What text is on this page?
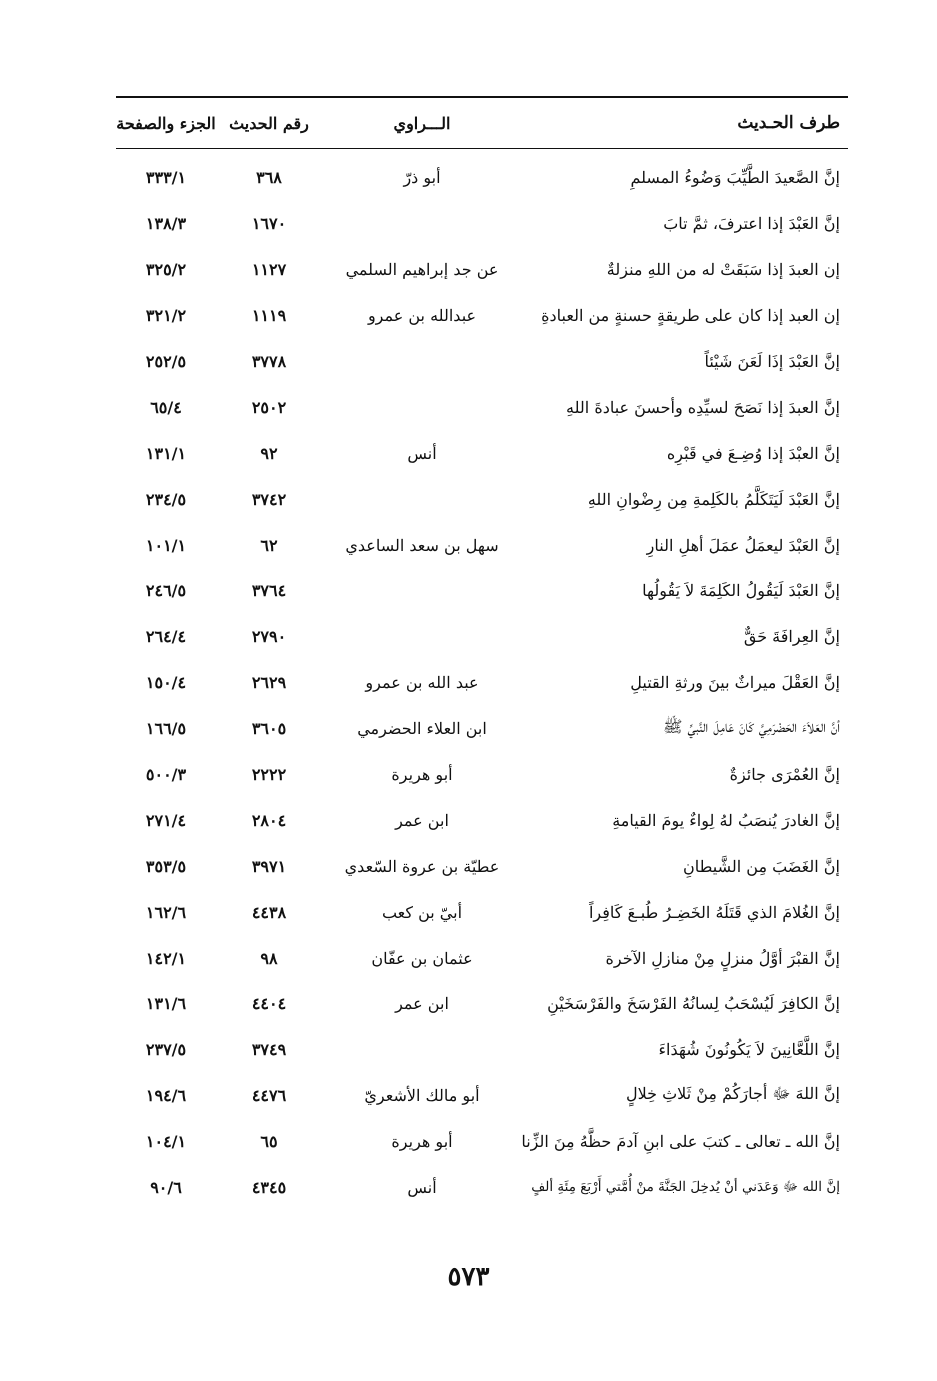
طرف الحـديث
الـــراوي
رقم الحديث
الجزء والصفحة
إنَّ الصَّعيدَ الطَّيِّبَ وَضُوءُ المسلمِ
أبو ذرّ
٣٦٨
٣٣٣/١
إنَّ العَبْدَ إذا اعترفَ، ثمَّ تابَ
١٦٧٠
١٣٨/٣
إن العبدَ إذا سَبَقَتْ له من اللهِ منزلةٌ
عن جد إبراهيم السلمي
١١٢٧
٣٢٥/٢
إن العبد إذا كان على طريقةٍ حسنةٍ من العبادةِ
عبدالله بن عمرو
١١١٩
٣٢١/٢
إنَّ العَبْدَ إذَا لَعَنَ شَيْئاً
٣٧٧٨
٢٥٢/٥
إنَّ العبدَ إذا نَصَحَ لسيِّدِه وأحسنَ عبادةَ اللهِ
٢٥٠٢
٦٥/٤
إنَّ العبْدَ إذا وُضِـعَ في قَبْرِه
أنس
٩٢
١٣١/١
إنَّ العَبْدَ لَيَتَكَلَّمُ بالكَلِمةِ مِن رِضْوانِ اللهِ
٣٧٤٢
٢٣٤/٥
إنَّ العَبْدَ ليعمَلُ عمَلَ أهلِ النارِ
سهل بن سعد الساعدي
٦٢
١٠١/١
إنَّ العَبْدَ لَيَقُولُ الكَلِمَةَ لاَ يَقُولُها
٣٧٦٤
٢٤٦/٥
إنَّ العِرافَةَ حَقٌّ
٢٧٩٠
٢٦٤/٤
إنَّ العَقْلَ ميراثٌ بينَ ورثةِ القتيلِ
عبد الله بن عمرو
٢٦٢٩
١٥٠/٤
أنَّ العَلاَءَ الحَضْرَمِيَّ كَانَ عَامِلَ النَّبيِّ ﷺ
ابن العلاء الحضرمي
٣٦٠٥
١٦٦/٥
إنَّ العُمْرَى جائزةٌ
أبو هريرة
٢٢٢٢
٥٠٠/٣
إنَّ الغادرَ يُنصَبُ لهُ لِواءٌ يومَ القيامةِ
ابن عمر
٢٨٠٤
٢٧١/٤
إنَّ الغَضَبَ مِن الشَّيطانِ
عطيّة بن عروة السّعدي
٣٩٧١
٣٥٣/٥
إنَّ الغُلامَ الذي قَتَلَهُ الخَضِـرُ طُبـعَ كَافِراً
أبيّ بن كعب
٤٤٣٨
١٦٢/٦
إنَّ القبْرَ أوَّلُ منزلٍ مِنْ منازلِ الآخرة
عثمان بن عفّان
٩٨
١٤٢/١
إنَّ الكافِرَ لَيُسْحَبُ لِسانُهُ الفَرْسَخَ والفَرْسَخَيْنِ
ابن عمر
٤٤٠٤
١٣١/٦
إنَّ اللَّعَّانِينَ لاَ يَكُونُونَ شُهَدَاءَ
٣٧٤٩
٢٣٧/٥
إنَّ اللهَ ﷻ أجارَكُمْ مِنْ ثَلاثِ خِلالٍ
أبو مالك الأشعريّ
٤٤٧٦
١٩٤/٦
إنَّ الله ـ تعالى ـ كتبَ على ابنِ آدمَ حظَّهُ مِنَ الزِّنا
أبو هريرة
٦٥
١٠٤/١
إنَّ الله ﷻ وَعَدَني أنْ يُدخِلَ الجَنَّةَ منْ أُمَّتي أَرْبَعَ مِئَةِ ألفٍ
أنس
٤٣٤٥
٩٠/٦
٥٧٣
